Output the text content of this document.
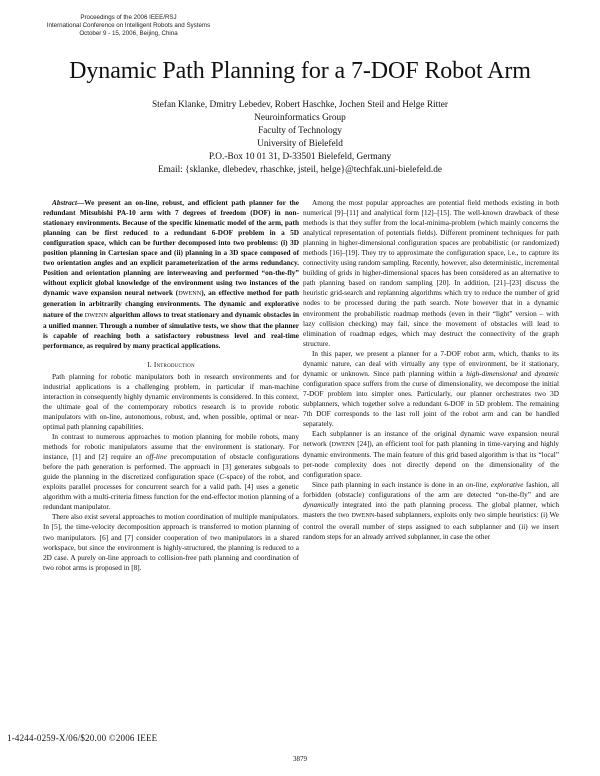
Proceedings of the 2006 IEEE/RSJ
International Conference on Intelligent Robots and Systems
October 9 - 15, 2006, Beijing, China
Dynamic Path Planning for a 7-DOF Robot Arm
Stefan Klanke, Dmitry Lebedev, Robert Haschke, Jochen Steil and Helge Ritter
Neuroinformatics Group
Faculty of Technology
University of Bielefeld
P.O.-Box 10 01 31, D-33501 Bielefeld, Germany
Email: {sklanke, dlebedev, rhaschke, jsteil, helge}@techfak.uni-bielefeld.de

Abstract—We present an on-line, robust, and efficient path planner for the redundant Mitsubishi PA-10 arm with 7 degrees of freedom (DOF) in non-stationary environments. Because of the specific kinematic model of the arm, path planning can be first reduced to a redundant 6-DOF problem in a 5D configuration space, which can be further decomposed into two problems: (i) 3D position planning in Cartesian space and (ii) planning in a 3D space composed of two orientation angles and an explicit parameterization of the arms redundancy. Position and orientation planning are interweaving and performed “on-the-fly” without explicit global knowledge of the environment using two instances of the dynamic wave expansion neural network (DWENN), an effective method for path generation in arbitrarily changing environments. The dynamic and explorative nature of the DWENN algorithm allows to treat stationary and dynamic obstacles in a unified manner. Through a number of simulative tests, we show that the planner is capable of reaching both a satisfactory robustness level and real-time performance, as required by many practical applications.

I. Introduction

Path planning for robotic manipulators both in research environments and for industrial applications is a challenging problem, in particular if man-machine interaction in consequently highly dynamic environments is considered. In this context, the ultimate goal of the contemporary robotics research is to provide robotic manipulators with on-line, autonomous, robust, and, when possible, optimal or near-optimal path planning capabilities.

In contrast to numerous approaches to motion planning for mobile robots, many methods for robotic manipulators assume that the environment is stationary. For instance, [1] and [2] require an off-line precomputation of obstacle configurations before the path generation is performed. The approach in [3] generates subgoals to guide the planning in the discretized configuration space (C-space) of the robot, and exploits parallel processes for concurrent search for a valid path. [4] uses a genetic algorithm with a multi-criteria fitness function for the end-effector motion planning of a redundant manipulator.

There also exist several approaches to motion coordination of multiple manipulators. In [5], the time-velocity decomposition approach is transferred to motion planning of two manipulators. [6] and [7] consider cooperation of two manipulators in a shared workspace, but since the environment is highly-structured, the planning is reduced to a 2D case. A purely on-line approach to collision-free path planning and coordination of two robot arms is proposed in [8].

Among the most popular approaches are potential field methods existing in both numerical [9]–[11] and analytical form [12]–[15]. The well-known drawback of these methods is that they suffer from the local-minima-problem (which mainly concerns the analytical representation of potentials fields). Different prominent techniques for path planning in higher-dimensional configuration spaces are probabilistic (or randomized) methods [16]–[19]. They try to approximate the configuration space, i.e., to capture its connectivity using random sampling. Recently, however, also deterministic, incremental building of grids in higher-dimensional spaces has been considered as an alternative to path planning based on random sampling [20]. In addition, [21]–[23] discuss the heuristic grid-search and replanning algorithms which try to reduce the number of grid nodes to be processed during the path search. Note however that in a dynamic environment the probabilistic roadmap methods (even in their “light” version – with lazy collision checking) may fail, since the movement of obstacles will lead to elimination of roadmap edges, which may destruct the connectivity of the graph structure.

In this paper, we present a planner for a 7-DOF robot arm, which, thanks to its dynamic nature, can deal with virtually any type of environment, be it stationary, dynamic or unknown. Since path planning within a high-dimensional and dynamic configuration space suffers from the curse of dimensionality, we decompose the initial 7-DOF problem into simpler ones. Particularly, our planner orchestrates two 3D subplanners, which together solve a redundant 6-DOF in 5D problem. The remaining 7th DOF corresponds to the last roll joint of the robot arm and can be handled separately.

Each subplanner is an instance of the original dynamic wave expansion neural network (DWENN [24]), an efficient tool for path planning in time-varying and highly dynamic environments. The main feature of this grid based algorithm is that its “local” per-node complexity does not directly depend on the dimensionality of the configuration space.

Since path planning in each instance is done in an on-line, explorative fashion, all forbidden (obstacle) configurations of the arm are detected “on-the-fly” and are dynamically integrated into the path planning process. The global planner, which masters the two DWENN-based subplanners, exploits only two simple heuristics: (i) We control the overall number of steps assigned to each subplanner and (ii) we insert random steps for an already arrived subplanner, in case the other

1-4244-0259-X/06/$20.00 ©2006 IEEE
3879
